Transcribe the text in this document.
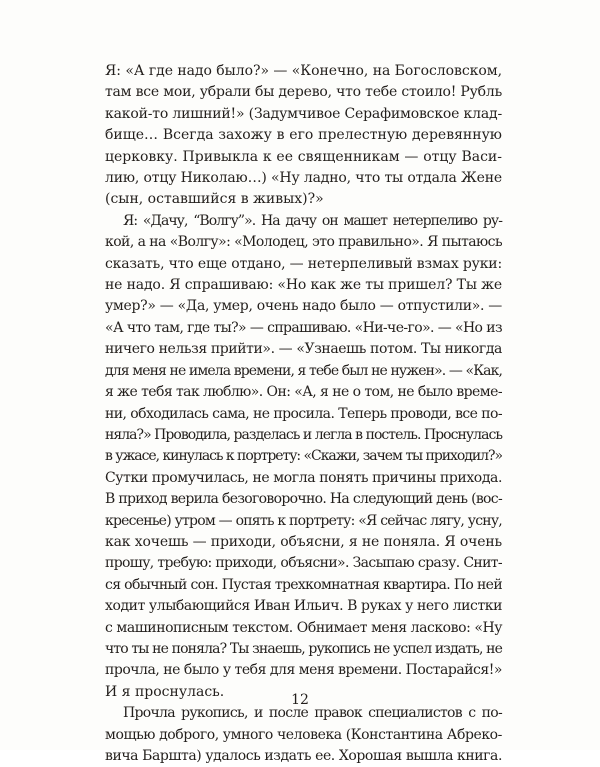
Я: «А где надо было?» — «Конечно, на Богословском,
там все мои, убрали бы дерево, что тебе стоило! Рубль
какой-то лишний!» (Задумчивое Серафимовское клад-
бище… Всегда захожу в его прелестную деревянную
церковку. Привыкла к ее священникам — отцу Васи-
лию, отцу Николаю…) «Ну ладно, что ты отдала Жене
(сын, оставшийся в живых)?»

Я: «Дачу, “Волгу”». На дачу он машет нетерпеливо ру-
кой, а на «Волгу»: «Молодец, это правильно». Я пытаюсь
сказать, что еще отдано, — нетерпеливый взмах руки:
не надо. Я спрашиваю: «Но как же ты пришел? Ты же
умер?» — «Да, умер, очень надо было — отпустили». —
«А что там, где ты?» — спрашиваю. «Ни-че-го». — «Но из
ничего нельзя прийти». — «Узнаешь потом. Ты никогда
для меня не имела времени, я тебе был не нужен». — «Как,
я же тебя так люблю». Он: «А, я не о том, не было време-
ни, обходилась сама, не просила. Теперь проводи, все по-
няла?» Проводила, разделась и легла в постель. Проснулась
в ужасе, кинулась к портрету: «Скажи, зачем ты приходил?»
Сутки промучилась, не могла понять причины прихода.
В приход верила безоговорочно. На следующий день (вос-
кресенье) утром — опять к портрету: «Я сейчас лягу, усну,
как хочешь — приходи, объясни, я не поняла. Я очень
прошу, требую: приходи, объясни». Засыпаю сразу. Снит-
ся обычный сон. Пустая трехкомнатная квартира. По ней
ходит улыбающийся Иван Ильич. В руках у него листки
с машинописным текстом. Обнимает меня ласково: «Ну
что ты не поняла? Ты знаешь, рукопись не успел издать, не
прочла, не было у тебя для меня времени. Постарайся!»
И я проснулась.

Прочла рукопись, и после правок специалистов с по-
мощью доброго, умного человека (Константина Абреко-
вича Баршта) удалось издать ее. Хорошая вышла книга.

12
